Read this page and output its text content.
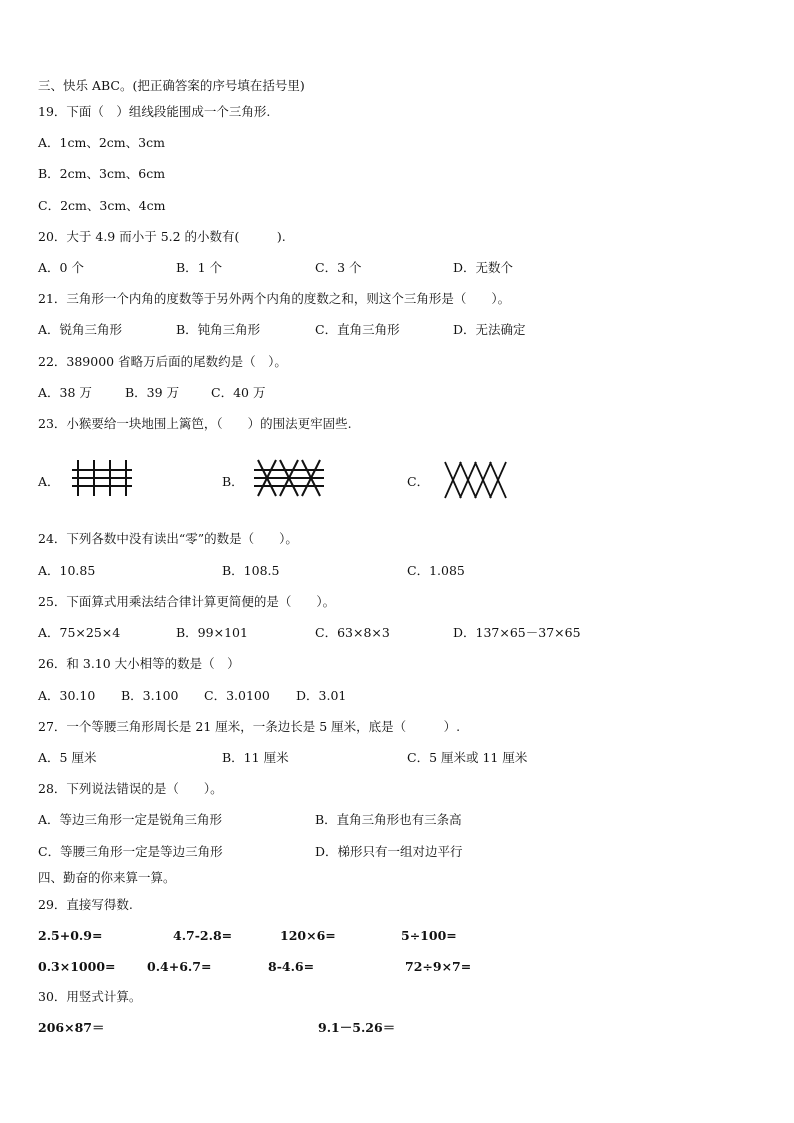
三、快乐 ABC。(把正确答案的序号填在括号里)
19．下面（　）组线段能围成一个三角形.
A．1cm、2cm、3cm
B．2cm、3cm、6cm
C．2cm、3cm、4cm
20．大于 4.9 而小于 5.2 的小数有(　　　).
A．0 个	B．1 个	C．3 个	D．无数个
21．三角形一个内角的度数等于另外两个内角的度数之和，则这个三角形是（　　）。
A．锐角三角形	B．钝角三角形	C．直角三角形	D．无法确定
22．389000 省略万后面的尾数约是（　）。
A．38 万	B．39 万	C．40 万
23．小猴要给一块地围上篱笆，（　　）的围法更牢固些.
A．	B．	C．
24．下列各数中没有读出“零”的数是（　　）。
A．10.85	B．108.5	C．1.085
25．下面算式用乘法结合律计算更简便的是（　　）。
A．75×25×4	B．99×101	C．63×8×3	D．137×65－37×65
26．和 3.10 大小相等的数是（　）
A．30.10 B．3.100 C．3.0100 D．3.01
27．一个等腰三角形周长是 21 厘米，一条边长是 5 厘米，底是（　　　）.
A．5 厘米	B．11 厘米	C．5 厘米或 11 厘米
28．下列说法错误的是（　　）。
A．等边三角形一定是锐角三角形	B．直角三角形也有三条高
C．等腰三角形一定是等边三角形	D．梯形只有一组对边平行
四、勤奋的你来算一算。
29．直接写得数.
2.5+0.9=	4.7-2.8=	120×6=	5÷100=
0.3×1000=	0.4+6.7=	8-4.6=	72÷9×7=
30．用竖式计算。
206×87＝	9.1－5.26＝
